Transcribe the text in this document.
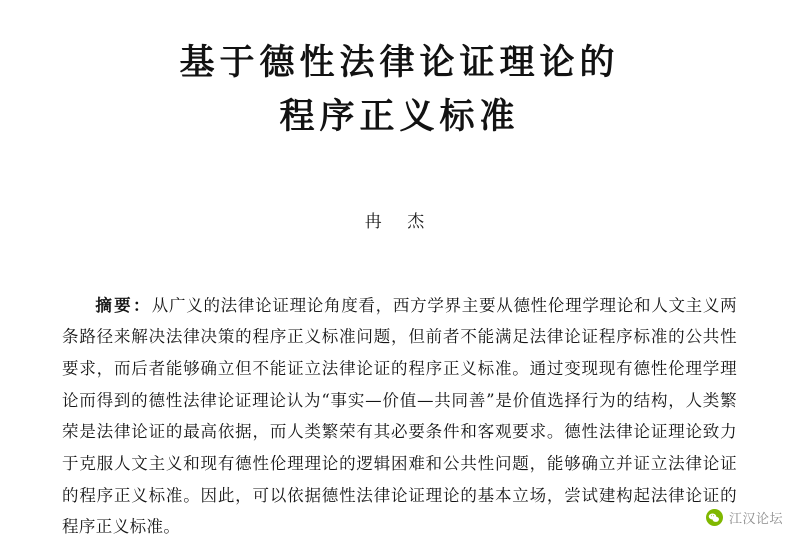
基于德性法律论证理论的
程序正义标准
冉 杰
摘要：从广义的法律论证理论角度看，西方学界主要从德性伦理学理论和人文主义两条路径来解决法律决策的程序正义标准问题，但前者不能满足法律论证程序标准的公共性要求，而后者能够确立但不能证立法律论证的程序正义标准。通过变现现有德性伦理学理论而得到的德性法律论证理论认为“事实—价值—共同善”是价值选择行为的结构，人类繁荣是法律论证的最高依据，而人类繁荣有其必要条件和客观要求。德性法律论证理论致力于克服人文主义和现有德性伦理理论的逻辑困难和公共性问题，能够确立并证立法律论证的程序正义标准。因此，可以依据德性法律论证理论的基本立场，尝试建构起法律论证的程序正义标准。	江汉论坛
